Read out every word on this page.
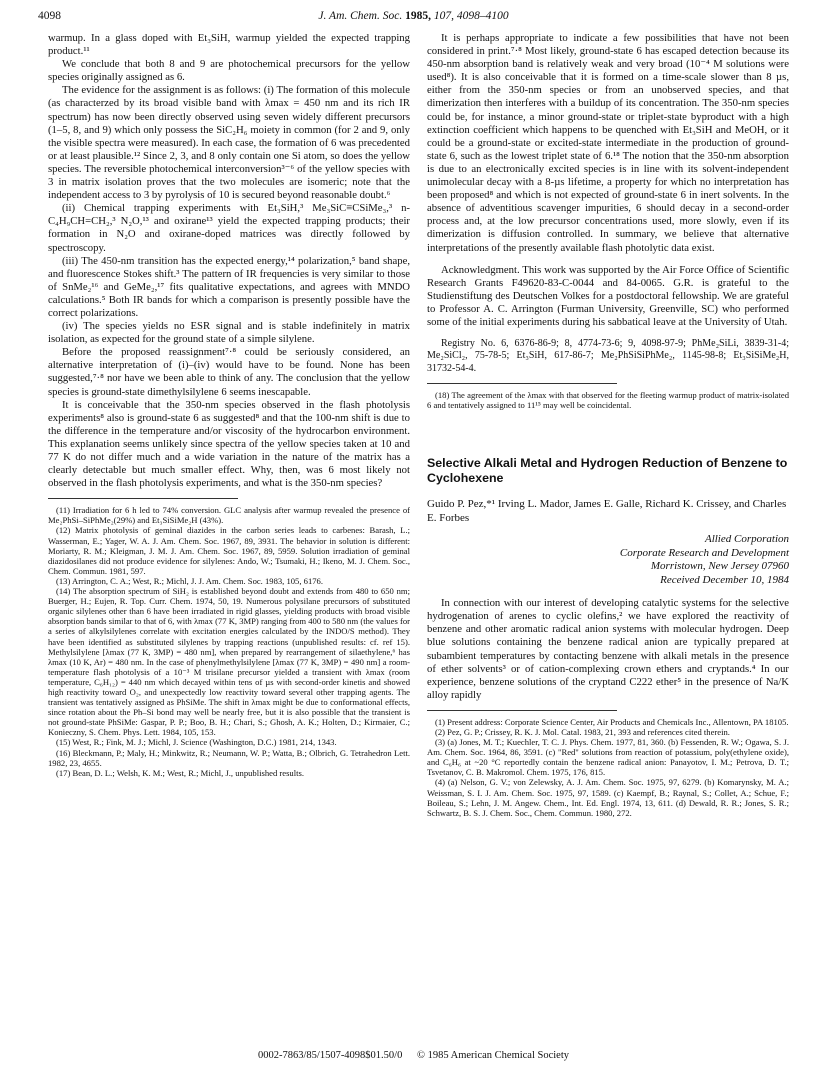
4098	J. Am. Chem. Soc. 1985, 107, 4098–4100

warmup. In a glass doped with Et₃SiH, warmup yielded the expected trapping product.¹¹

We conclude that both 8 and 9 are photochemical precursors for the yellow species originally assigned as 6.

The evidence for the assignment is as follows: (i) The formation of this molecule (as characterzed by its broad visible band with λmax = 450 nm and its rich IR spectrum) has now been directly observed using seven widely different precursors (1–5, 8, and 9) which only possess the SiC₂H₆ moiety in common (for 2 and 9, only the visible spectra were measured). In each case, the formation of 6 was precedented or at least plausible.¹² Since 2, 3, and 8 only contain one Si atom, so does the yellow species. The reversible photochemical interconversion³⁻⁶ of the yellow species with 3 in matrix isolation proves that the two molecules are isomeric; note that the independent access to 3 by pyrolysis of 10 is secured beyond reasonable doubt.⁶

(ii) Chemical trapping experiments with Et₃SiH,³ Me₃SiC≡CSiMe₃,³ n-C₄H₉CH=CH₂,³ N₂O,¹³ and oxirane¹³ yield the expected trapping products; their formation in N₂O and oxirane-doped matrices was directly followed by spectroscopy.

(iii) The 450-nm transition has the expected energy,¹⁴ polarization,⁵ band shape, and fluorescence Stokes shift.³ The pattern of IR frequencies is very similar to those of SnMe₂¹⁶ and GeMe₂,¹⁷ fits qualitative expectations, and agrees with MNDO calculations.⁵ Both IR bands for which a comparison is presently possible have the correct polarizations.

(iv) The species yields no ESR signal and is stable indefinitely in matrix isolation, as expected for the ground state of a simple silylene.

Before the proposed reassignment⁷·⁸ could be seriously considered, an alternative interpretation of (i)–(iv) would have to be found. None has been suggested,⁷·⁸ nor have we been able to think of any. The conclusion that the yellow species is ground-state dimethylsilylene 6 seems inescapable.

It is conceivable that the 350-nm species observed in the flash photolysis experiments⁸ also is ground-state 6 as suggested⁸ and that the 100-nm shift is due to the difference in the temperature and/or viscosity of the hydrocarbon environment. This explanation seems unlikely since spectra of the yellow species taken at 10 and 77 K do not differ much and a wide variation in the nature of the matrix has a clearly detectable but much smaller effect. Why, then, was 6 most likely not observed in the flash photolysis experiments, and what is the 350-nm species?

(11) Irradiation for 6 h led to 74% conversion. GLC analysis after warmup revealed the presence of Me₂PhSi–SiPhMe₂(29%) and Et₃SiSiMe₂H (43%).

(12) Matrix photolysis of geminal diazides in the carbon series leads to carbenes: Barash, L.; Wasserman, E.; Yager, W. A. J. Am. Chem. Soc. 1967, 89, 3931. The behavior in solution is different: Moriarty, R. M.; Kleigman, J. M. J. Am. Chem. Soc. 1967, 89, 5959. Solution irradiation of geminal diazidosilanes did not produce evidence for silylenes: Ando, W.; Tsumaki, H.; Ikeno, M. J. Chem. Soc., Chem. Commun. 1981, 597.

(13) Arrington, C. A.; West, R.; Michl, J. J. Am. Chem. Soc. 1983, 105, 6176.

(14) The absorption spectrum of SiH₂ is established beyond doubt and extends from 480 to 650 nm; Buerger, H.; Eujen, R. Top. Curr. Chem. 1974, 50, 19. Numerous polysilane precursors of substituted organic silylenes other than 6 have been irradiated in rigid glasses, yielding products with broad visible absorption bands similar to that of 6, with λmax (77 K, 3MP) ranging from 400 to 580 nm (the values for a series of alkylsilylenes correlate with excitation energies calculated by the INDO/S method). They have been identified as substituted silylenes by trapping reactions (unpublished results: cf. ref 15). Methylsilylene [λmax (77 K, 3MP) = 480 nm], when prepared by rearrangement of silaethylene,⁶ has λmax (10 K, Ar) = 480 nm. In the case of phenylmethylsilylene [λmax (77 K, 3MP) = 490 nm] a room-temperature flash photolysis of a 10⁻³ M trisilane precursor yielded a transient with λmax (room temperature, C₆H₁₂) = 440 nm which decayed within tens of µs with second-order kinetis and showed high reactivity toward O₂, and unexpectedly low reactivity toward several other trapping agents. The transient was tentatively assigned as PhSiMe. The shift in λmax might be due to conformational effects, since rotation about the Ph–Si bond may well be nearly free, but it is also possible that the transient is not ground-state PhSiMe: Gaspar, P. P.; Boo, B. H.; Chari, S.; Ghosh, A. K.; Holten, D.; Kirmaier, C.; Konieczny, S. Chem. Phys. Lett. 1984, 105, 153.

(15) West, R.; Fink, M. J.; Michl, J. Science (Washington, D.C.) 1981, 214, 1343.

(16) Bleckmann, P.; Maly, H.; Minkwitz, R.; Neumann, W. P.; Watta, B.; Olbrich, G. Tetrahedron Lett. 1982, 23, 4655.

(17) Bean, D. L.; Welsh, K. M.; West, R.; Michl, J., unpublished results.

It is perhaps appropriate to indicate a few possibilities that have not been considered in print.⁷·⁸ Most likely, ground-state 6 has escaped detection because its 450-nm absorption band is relatively weak and very broad (10⁻⁴ M solutions were used⁸). It is also conceivable that it is formed on a time-scale slower than 8 µs, either from the 350-nm species or from an unobserved species, and that dimerization then interferes with a buildup of its concentration. The 350-nm species could be, for instance, a minor ground-state or triplet-state byproduct with a high extinction coefficient which happens to be quenched with Et₃SiH and MeOH, or it could be a ground-state or excited-state intermediate in the production of ground-state 6, such as the lowest triplet state of 6.¹⁸ The notion that the 350-nm absorption is due to an electronically excited species is in line with its solvent-independent unimolecular decay with a 8-µs lifetime, a property for which no interpretation has been proposed⁸ and which is not expected of ground-state 6 in inert solvents. In the absence of adventitious scavenger impurities, 6 should decay in a second-order process and, at the low precursor concentrations used, more slowly, even if its dimerization is diffusion controlled. In summary, we believe that alternative interpretations of the presently available flash photolytic data exist.

Acknowledgment. This work was supported by the Air Force Office of Scientific Research Grants F49620-83-C-0044 and 84-0065. G.R. is grateful to the Studienstiftung des Deutschen Volkes for a postdoctoral fellowship. We are grateful to Professor A. C. Arrington (Furman University, Greenville, SC) who performed some of the initial experiments during his sabbatical leave at the University of Utah.

Registry No. 6, 6376-86-9; 8, 4774-73-6; 9, 4098-97-9; PhMe₂SiLi, 3839-31-4; Me₂SiCl₂, 75-78-5; Et₃SiH, 617-86-7; Me₂PhSiSiPhMe₂, 1145-98-8; Et₃SiSiMe₂H, 31732-54-4.

(18) The agreement of the λmax with that observed for the fleeting warmup product of matrix-isolated 6 and tentatively assigned to 11¹⁵ may well be coincidental.

Selective Alkali Metal and Hydrogen Reduction of Benzene to Cyclohexene
Guido P. Pez,*¹ Irving L. Mador, James E. Galle, Richard K. Crissey, and Charles E. Forbes
Allied Corporation
Corporate Research and Development
Morristown, New Jersey 07960
Received December 10, 1984

In connection with our interest of developing catalytic systems for the selective hydrogenation of arenes to cyclic olefins,² we have explored the reactivity of benzene and other aromatic radical anion systems with molecular hydrogen. Deep blue solutions containing the benzene radical anion are typically prepared at subambient temperatures by contacting benzene with alkali metals in the presence of ether solvents³ or of cation-complexing crown ethers and cryptands.⁴ In our experience, benzene solutions of the cryptand C222 ether⁵ in the presence of Na/K alloy rapidly

(1) Present address: Corporate Science Center, Air Products and Chemicals Inc., Allentown, PA 18105.

(2) Pez, G. P.; Crissey, R. K. J. Mol. Catal. 1983, 21, 393 and references cited therein.

(3) (a) Jones, M. T.; Kuechler, T. C. J. Phys. Chem. 1977, 81, 360. (b) Fessenden, R. W.; Ogawa, S. J. Am. Chem. Soc. 1964, 86, 3591. (c) "Red" solutions from reaction of potassium, poly(ethylene oxide), and C₆H₆ at ~20 °C reportedly contain the benzene radical anion: Panayotov, I. M.; Petrova, D. T.; Tsvetanov, C. B. Makromol. Chem. 1975, 176, 815.

(4) (a) Nelson, G. V.; von Zelewsky, A. J. Am. Chem. Soc. 1975, 97, 6279. (b) Komarynsky, M. A.; Weissman, S. I. J. Am. Chem. Soc. 1975, 97, 1589. (c) Kaempf, B.; Raynal, S.; Collet, A.; Schue, F.; Boileau, S.; Lehn, J. M. Angew. Chem., Int. Ed. Engl. 1974, 13, 611. (d) Dewald, R. R.; Jones, S. R.; Schwartz, B. S. J. Chem. Soc., Chem. Commun. 1980, 272.

0002-7863/85/1507-4098$01.50/0 © 1985 American Chemical Society
